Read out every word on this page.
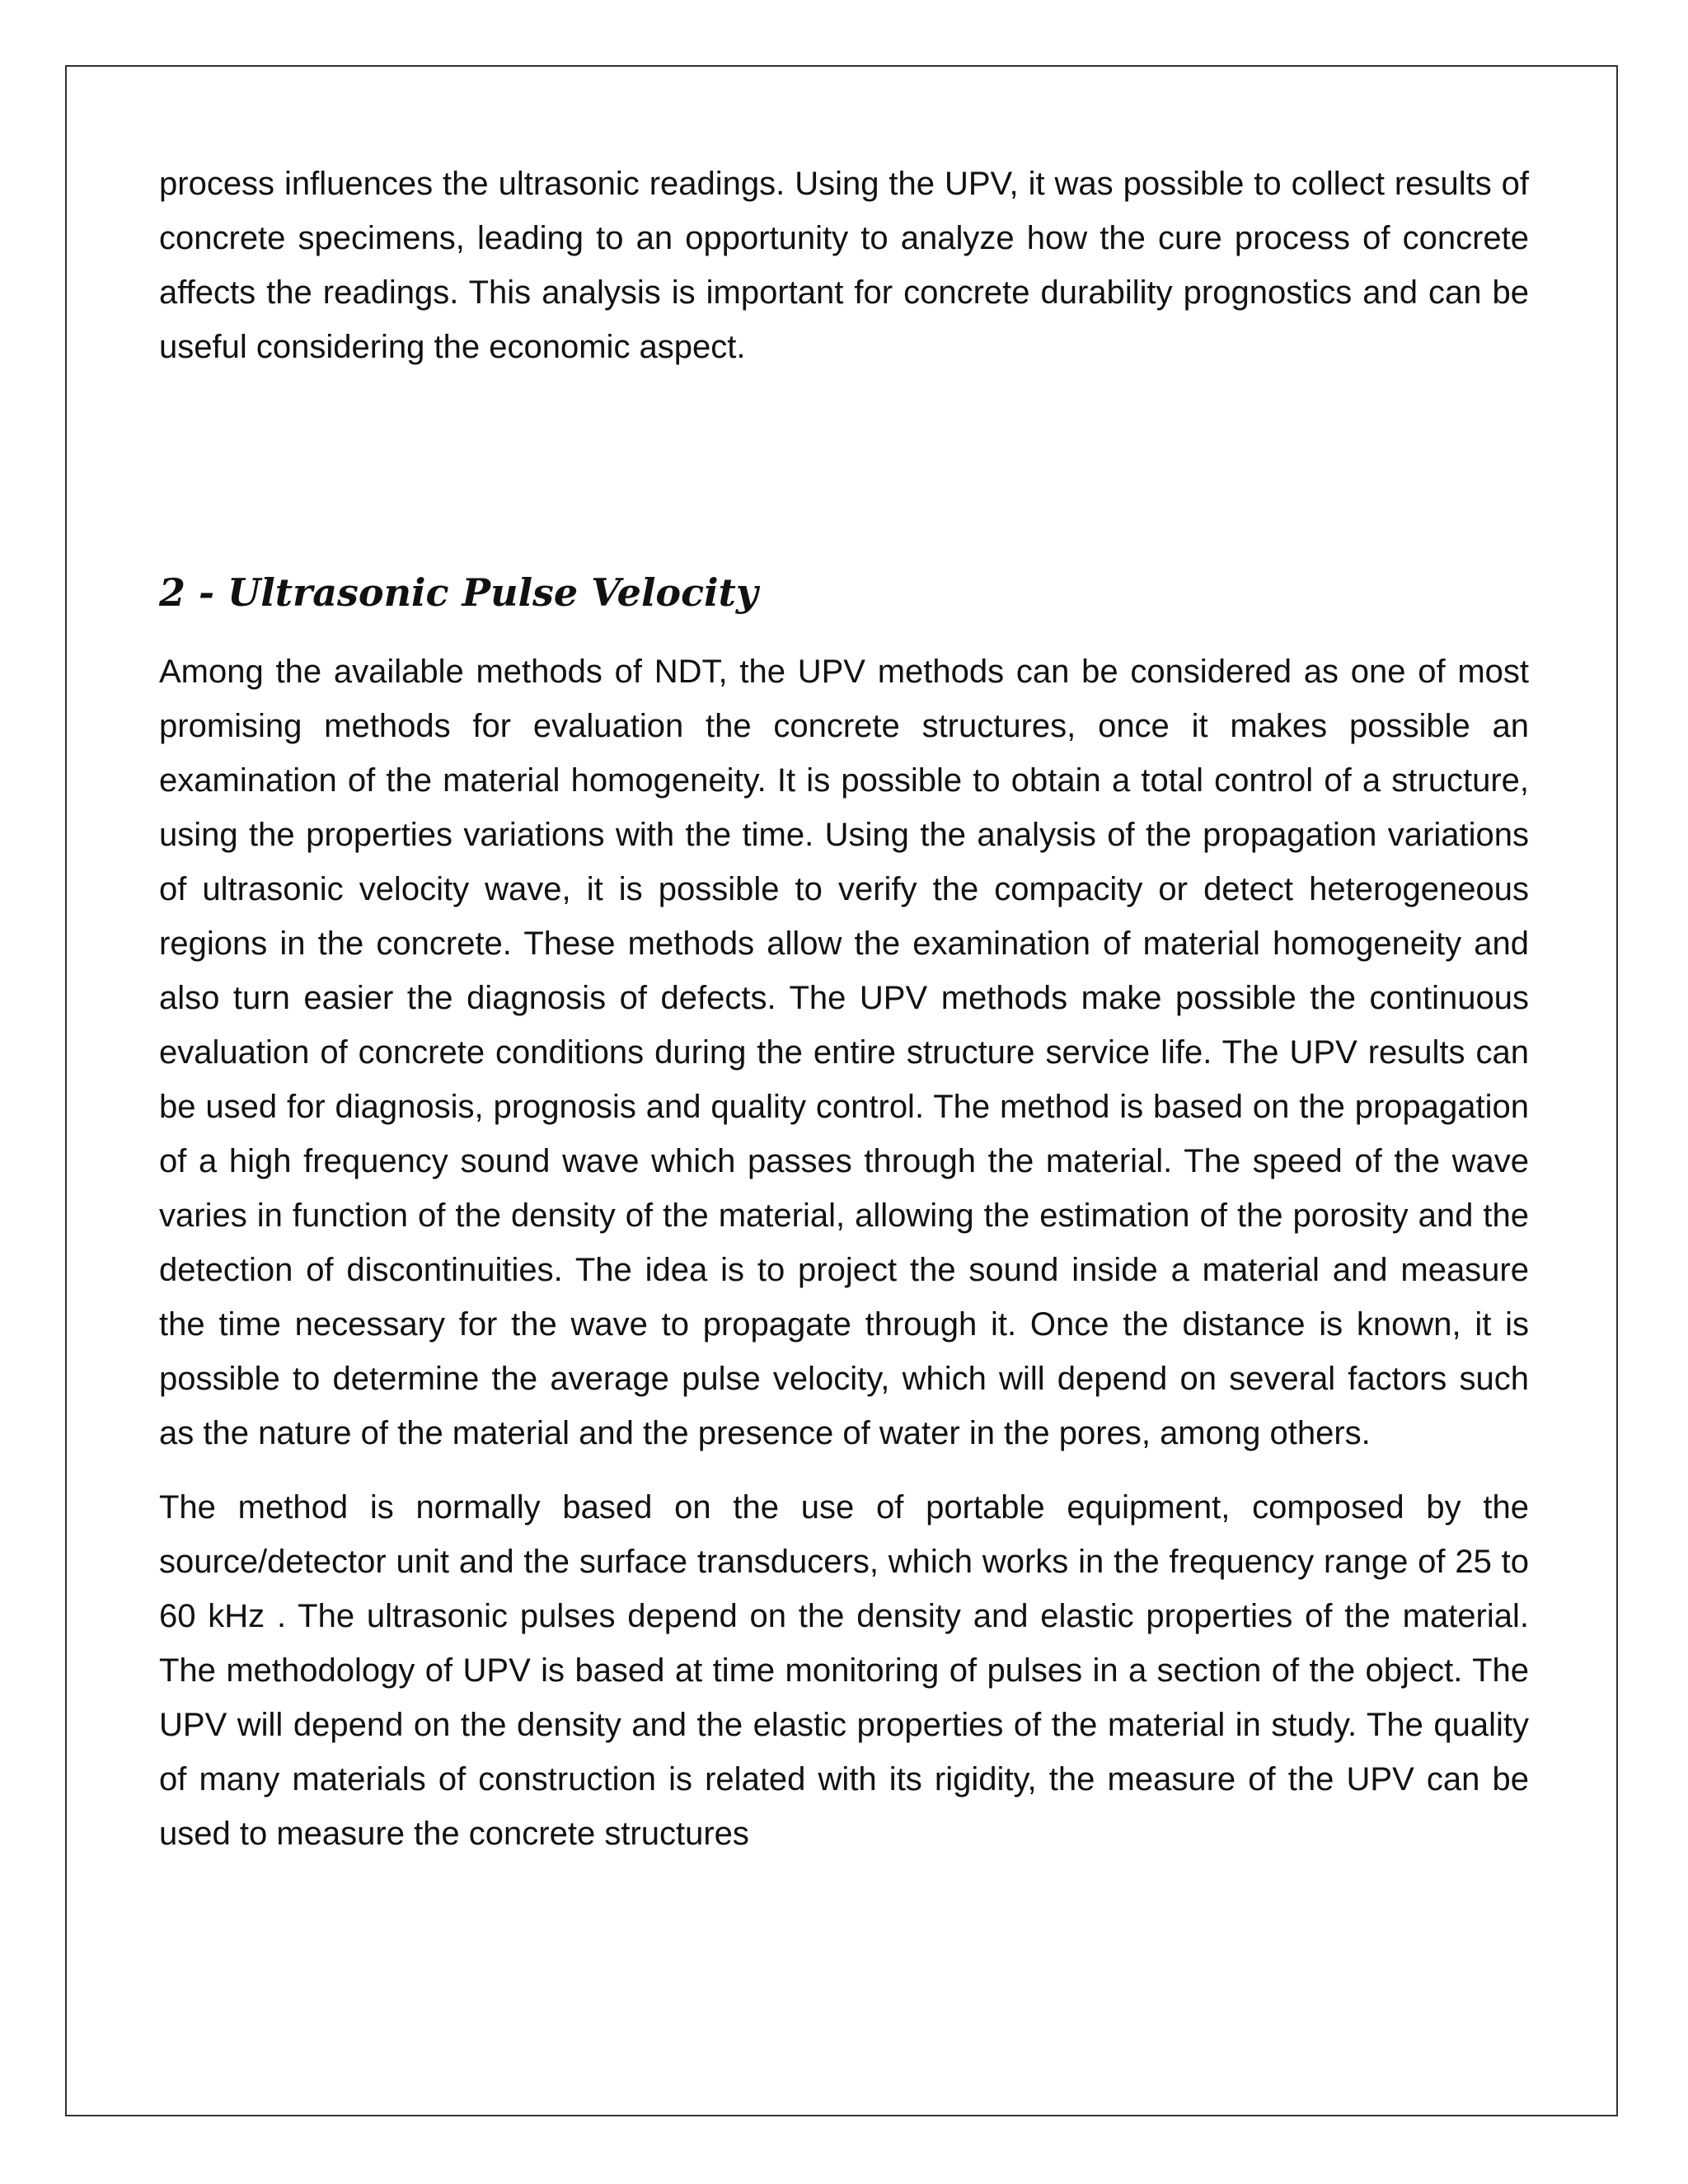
process influences the ultrasonic readings. Using the UPV, it was possible to collect results of concrete specimens, leading to an opportunity to analyze how the cure process of concrete affects the readings. This analysis is important for concrete durability prognostics and can be useful considering the economic aspect.

2 - Ultrasonic Pulse Velocity

Among the available methods of NDT, the UPV methods can be considered as one of most promising methods for evaluation the concrete structures, once it makes possible an examination of the material homogeneity. It is possible to obtain a total control of a structure, using the properties variations with the time. Using the analysis of the propagation variations of ultrasonic velocity wave, it is possible to verify the compacity or detect heterogeneous regions in the concrete. These methods allow the examination of material homogeneity and also turn easier the diagnosis of defects. The UPV methods make possible the continuous evaluation of concrete conditions during the entire structure service life. The UPV results can be used for diagnosis, prognosis and quality control. The method is based on the propagation of a high frequency sound wave which passes through the material. The speed of the wave varies in function of the density of the material, allowing the estimation of the porosity and the detection of discontinuities. The idea is to project the sound inside a material and measure the time necessary for the wave to propagate through it. Once the distance is known, it is possible to determine the average pulse velocity, which will depend on several factors such as the nature of the material and the presence of water in the pores, among others.

The method is normally based on the use of portable equipment, composed by the source/detector unit and the surface transducers, which works in the frequency range of 25 to 60 kHz . The ultrasonic pulses depend on the density and elastic properties of the material. The methodology of UPV is based at time monitoring of pulses in a section of the object. The UPV will depend on the density and the elastic properties of the material in study. The quality of many materials of construction is related with its rigidity, the measure of the UPV can be used to measure the concrete structures
